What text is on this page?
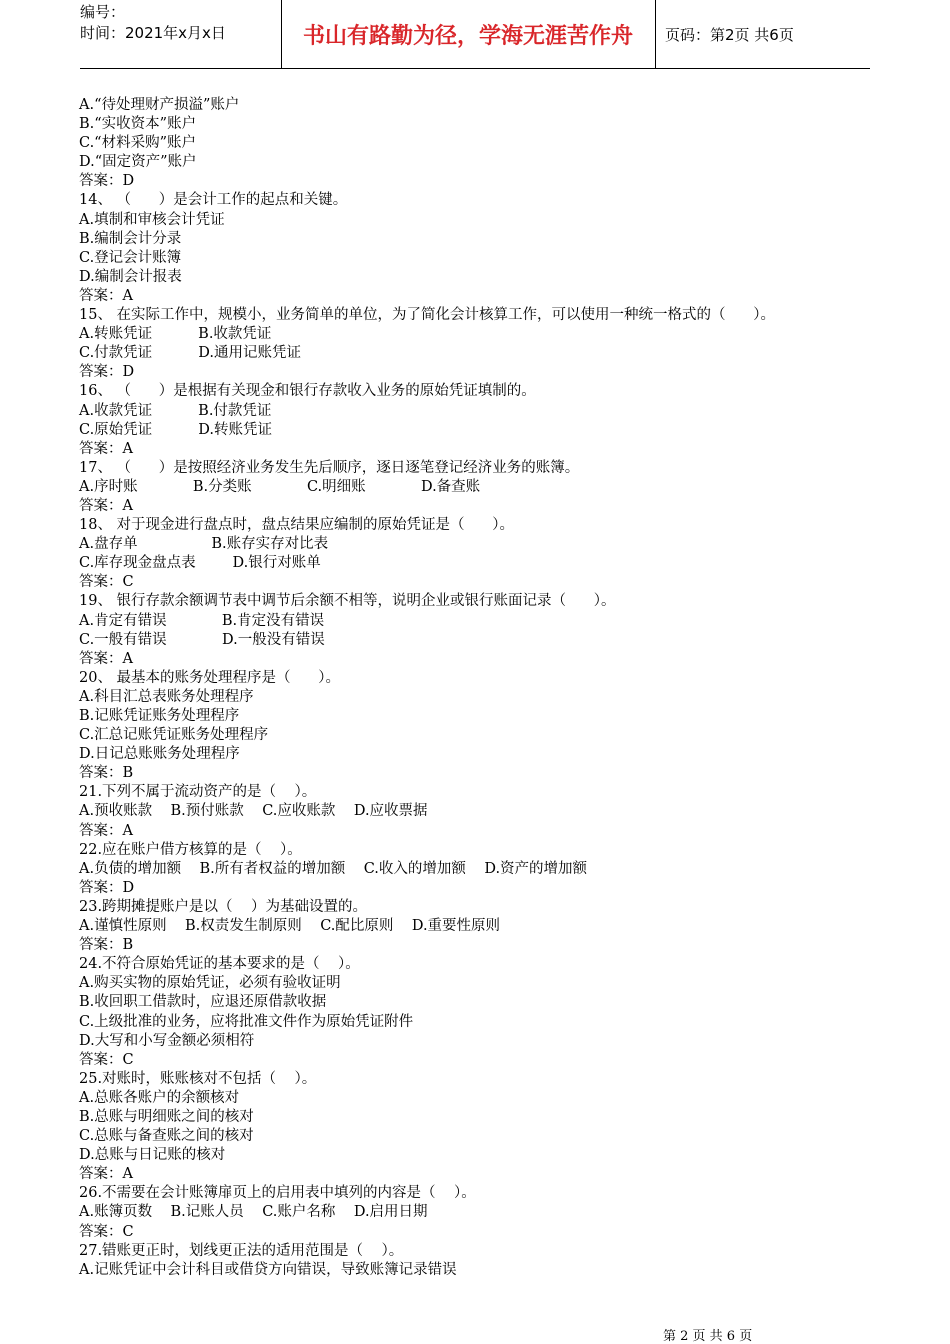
编号：
时间：2021年x月x日	书山有路勤为径，学海无涯苦作舟	页码：第2页 共6页
A.“待处理财产损溢”账户
B.“实收资本”账户
C.“材料采购”账户
D.“固定资产”账户
答案：D
14、 （      ）是会计工作的起点和关键。
A.填制和审核会计凭证
B.编制会计分录
C.登记会计账簿
D.编制会计报表
答案：A
15、 在实际工作中，规模小，业务简单的单位，为了简化会计核算工作，可以使用一种统一格式的（      ）。
A.转账凭证          B.收款凭证
C.付款凭证          D.通用记账凭证
答案：D
16、 （      ）是根据有关现金和银行存款收入业务的原始凭证填制的。
A.收款凭证          B.付款凭证
C.原始凭证          D.转账凭证
答案：A
17、 （      ）是按照经济业务发生先后顺序，逐日逐笔登记经济业务的账簿。
A.序时账            B.分类账            C.明细账            D.备查账
答案：A
18、 对于现金进行盘点时，盘点结果应编制的原始凭证是（      ）。
A.盘存单                B.账存实存对比表
C.库存现金盘点表        D.银行对账单
答案：C
19、 银行存款余额调节表中调节后余额不相等，说明企业或银行账面记录（      ）。
A.肯定有错误            B.肯定没有错误
C.一般有错误            D.一般没有错误
答案：A
20、 最基本的账务处理程序是（      ）。
A.科目汇总表账务处理程序
B.记账凭证账务处理程序
C.汇总记账凭证账务处理程序
D.日记总账账务处理程序
答案：B
21.下列不属于流动资产的是（    ）。
A.预收账款    B.预付账款    C.应收账款    D.应收票据
答案：A
22.应在账户借方核算的是（    ）。
A.负债的增加额    B.所有者权益的增加额    C.收入的增加额    D.资产的增加额
答案：D
23.跨期摊提账户是以（    ）为基础设置的。
A.谨慎性原则    B.权责发生制原则    C.配比原则    D.重要性原则
答案：B
24.不符合原始凭证的基本要求的是（    ）。
A.购买实物的原始凭证，必须有验收证明
B.收回职工借款时，应退还原借款收据
C.上级批准的业务，应将批准文件作为原始凭证附件
D.大写和小写金额必须相符
答案：C
25.对账时，账账核对不包括（    ）。
A.总账各账户的余额核对
B.总账与明细账之间的核对
C.总账与备查账之间的核对
D.总账与日记账的核对
答案：A
26.不需要在会计账簿扉页上的启用表中填列的内容是（    ）。
A.账簿页数    B.记账人员    C.账户名称    D.启用日期
答案：C
27.错账更正时，划线更正法的适用范围是（    ）。
A.记账凭证中会计科目或借贷方向错误，导致账簿记录错误
第 2 页 共 6 页
